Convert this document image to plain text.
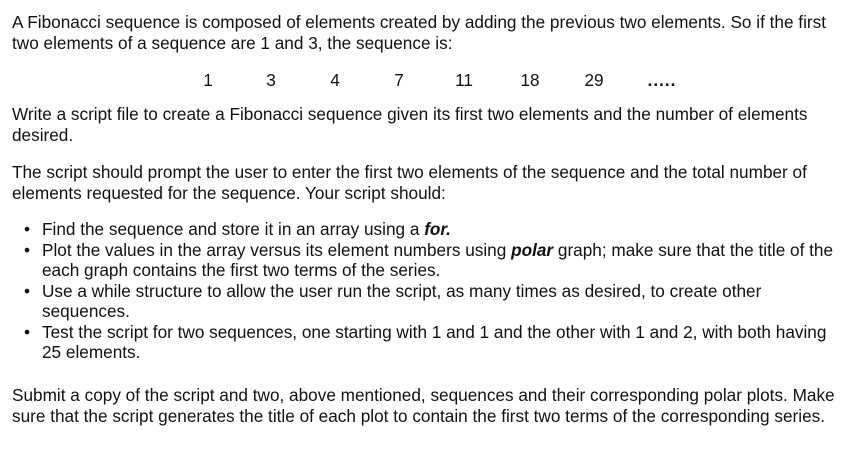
A Fibonacci sequence is composed of elements created by adding the previous two elements. So if the first two elements of a sequence are 1 and 3, the sequence is:

1	3	4	7	11	18	29	.....

Write a script file to create a Fibonacci sequence given its first two elements and the number of elements desired.

The script should prompt the user to enter the first two elements of the sequence and the total number of elements requested for the sequence. Your script should:

• Find the sequence and store it in an array using a for.
• Plot the values in the array versus its element numbers using polar graph; make sure that the title of the each graph contains the first two terms of the series.
• Use a while structure to allow the user run the script, as many times as desired, to create other sequences.
• Test the script for two sequences, one starting with 1 and 1 and the other with 1 and 2, with both having 25 elements.

Submit a copy of the script and two, above mentioned, sequences and their corresponding polar plots. Make sure that the script generates the title of each plot to contain the first two terms of the corresponding series.
